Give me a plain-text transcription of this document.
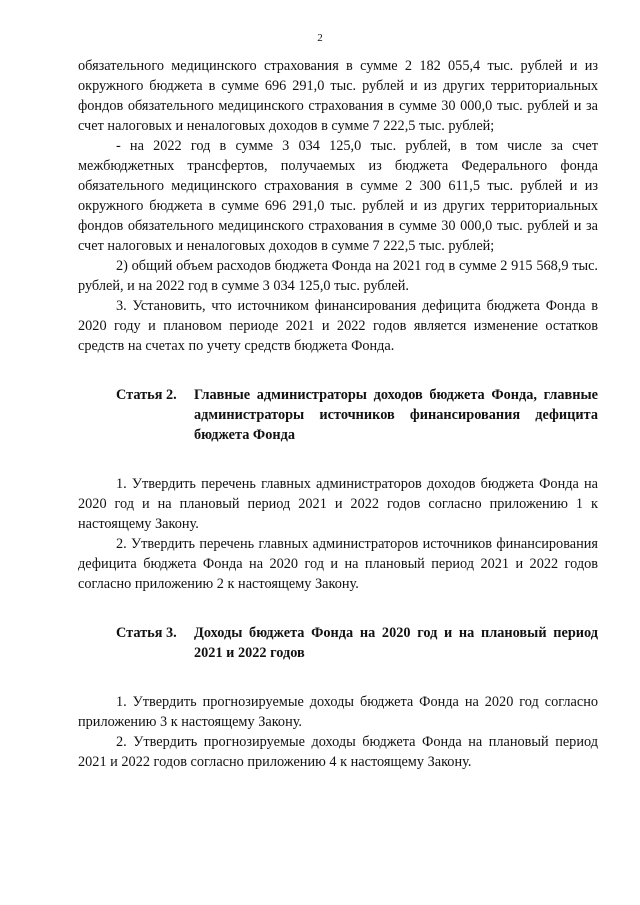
2

обязательного медицинского страхования в сумме 2 182 055,4 тыс. рублей и из окружного бюджета в сумме 696 291,0 тыс. рублей и из других территориальных фондов обязательного медицинского страхования в сумме 30 000,0 тыс. рублей и за счет налоговых и неналоговых доходов в сумме 7 222,5 тыс. рублей;

- на 2022 год в сумме 3 034 125,0 тыс. рублей, в том числе за счет межбюджетных трансфертов, получаемых из бюджета Федерального фонда обязательного медицинского страхования в сумме 2 300 611,5 тыс. рублей и из окружного бюджета в сумме 696 291,0 тыс. рублей и из других территориальных фондов обязательного медицинского страхования в сумме 30 000,0 тыс. рублей и за счет налоговых и неналоговых доходов в сумме 7 222,5 тыс. рублей;

2) общий объем расходов бюджета Фонда на 2021 год в сумме 2 915 568,9 тыс. рублей, и на 2022 год в сумме 3 034 125,0 тыс. рублей.

3. Установить, что источником финансирования дефицита бюджета Фонда в 2020 году и плановом периоде 2021 и 2022 годов является изменение остатков средств на счетах по учету средств бюджета Фонда.

Статья 2.	Главные администраторы доходов бюджета Фонда, главные администраторы источников финансирования дефицита бюджета Фонда

1. Утвердить перечень главных администраторов доходов бюджета Фонда на 2020 год и на плановый период 2021 и 2022 годов согласно приложению 1 к настоящему Закону.

2. Утвердить перечень главных администраторов источников финансирования дефицита бюджета Фонда на 2020 год и на плановый период 2021 и 2022 годов согласно приложению 2 к настоящему Закону.

Статья 3.	Доходы бюджета Фонда на 2020 год и на плановый период 2021 и 2022 годов

1. Утвердить прогнозируемые доходы бюджета Фонда на 2020 год согласно приложению 3 к настоящему Закону.

2. Утвердить прогнозируемые доходы бюджета Фонда на плановый период 2021 и 2022 годов согласно приложению 4 к настоящему Закону.
